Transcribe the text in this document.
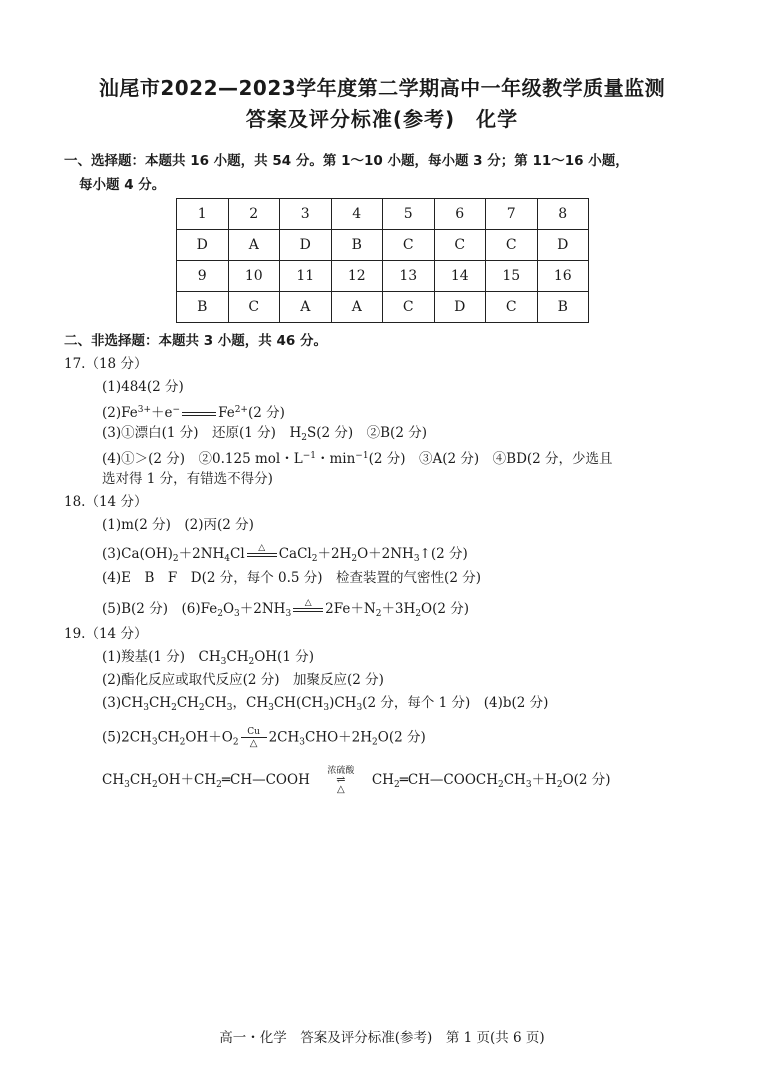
汕尾市2022—2023学年度第二学期高中一年级教学质量监测
答案及评分标准(参考)　化学
一、选择题：本题共 16 小题，共 54 分。第 1～10 小题，每小题 3 分；第 11～16 小题，
每小题 4 分。
1	2	3	4	5	6	7	8
D	A	D	B	C	C	C	D
9	10	11	12	13	14	15	16
B	C	A	A	C	D	C	B
二、非选择题：本题共 3 小题，共 46 分。
17.（18 分）
(1)484(2 分)
$(2)Fe^{3+}+e^-$	$Fe^{2+}(2$ 分)
(3)①漂白(1 分)　还原(1 分)　$H_2S(2$ 分)　②B(2 分)
(4)①＞(2 分)　②0.125 mol・$L^{-1}$・$\min^{-1}(2$ 分)　③A(2 分)　④BD(2 分，少选且
选对得 1 分，有错选不得分)
18.（14 分）
(1)m(2 分)　(2)丙(2 分)
$(3)Ca(OH)_2+2NH_4Cl$	△	$CaCl_2+2H_2O+2NH_3↑(2$ 分)
(4)E　B　F　D(2 分，每个 0.5 分)　检查装置的气密性(2 分)
(5)B(2 分)　$(6)Fe_2O_3+2NH_3$
△	$2Fe+N_2+3H_2O(2$ 分)
19.（14 分）
(1)羧基(1 分)　$CH_3CH_2OH(1$ 分)
(2)酯化反应或取代反应(2 分)　加聚反应(2 分)
$(3)CH_3CH_2CH_2CH_3$，$CH_3CH(CH_3)CH_3(2$ 分，每个 1 分)　(4)b(2 分)
$(5)2CH_3CH_2OH+O_2$
Cu
△ $2CH_3CHO+2H_2O(2$ 分)
$CH_3CH_2OH+CH_2═CH—COOH$
浓硫酸
⇌
△
$CH_2═CH—COOCH_2CH_3+H_2O(2$ 分)
高一・化学　答案及评分标准(参考)　第 1 页(共 6 页)
